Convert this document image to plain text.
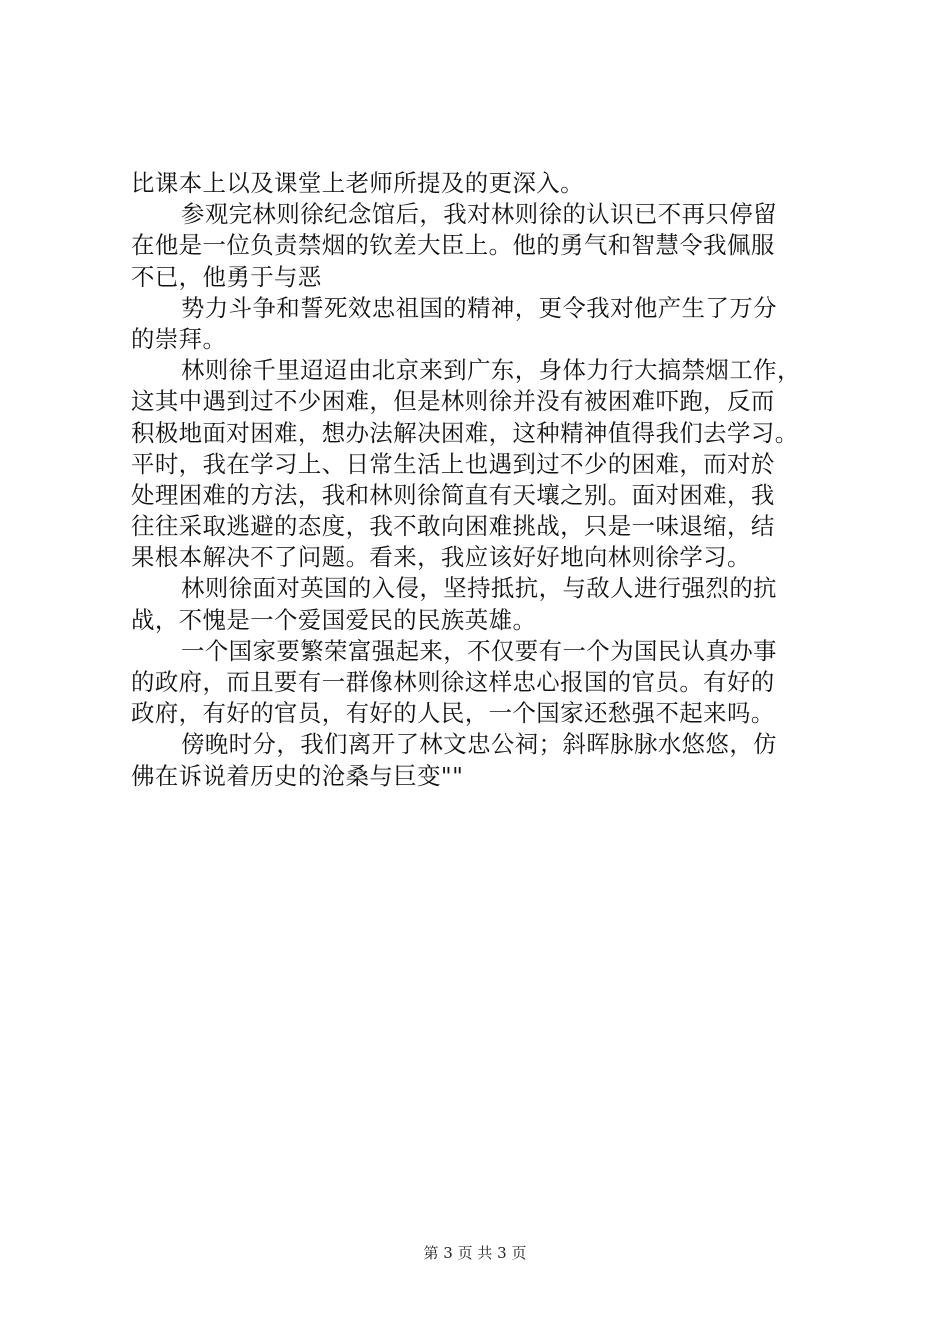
比课本上以及课堂上老师所提及的更深入。
参观完林则徐纪念馆后，我对林则徐的认识已不再只停留
在他是一位负责禁烟的钦差大臣上。他的勇气和智慧令我佩服
不已，他勇于与恶
势力斗争和誓死效忠祖国的精神，更令我对他产生了万分
的崇拜。
林则徐千里迢迢由北京来到广东，身体力行大搞禁烟工作，
这其中遇到过不少困难，但是林则徐并没有被困难吓跑，反而
积极地面对困难，想办法解决困难，这种精神值得我们去学习。
平时，我在学习上、日常生活上也遇到过不少的困难，而对於
处理困难的方法，我和林则徐简直有天壤之别。面对困难，我
往往采取逃避的态度，我不敢向困难挑战，只是一味退缩，结
果根本解决不了问题。看来，我应该好好地向林则徐学习。
林则徐面对英国的入侵，坚持抵抗，与敌人进行强烈的抗
战，不愧是一个爱国爱民的民族英雄。
一个国家要繁荣富强起来，不仅要有一个为国民认真办事
的政府，而且要有一群像林则徐这样忠心报国的官员。有好的
政府，有好的官员，有好的人民，一个国家还愁强不起来吗。
傍晚时分，我们离开了林文忠公祠；斜晖脉脉水悠悠，仿
佛在诉说着历史的沧桑与巨变""
第 3 页 共 3 页
